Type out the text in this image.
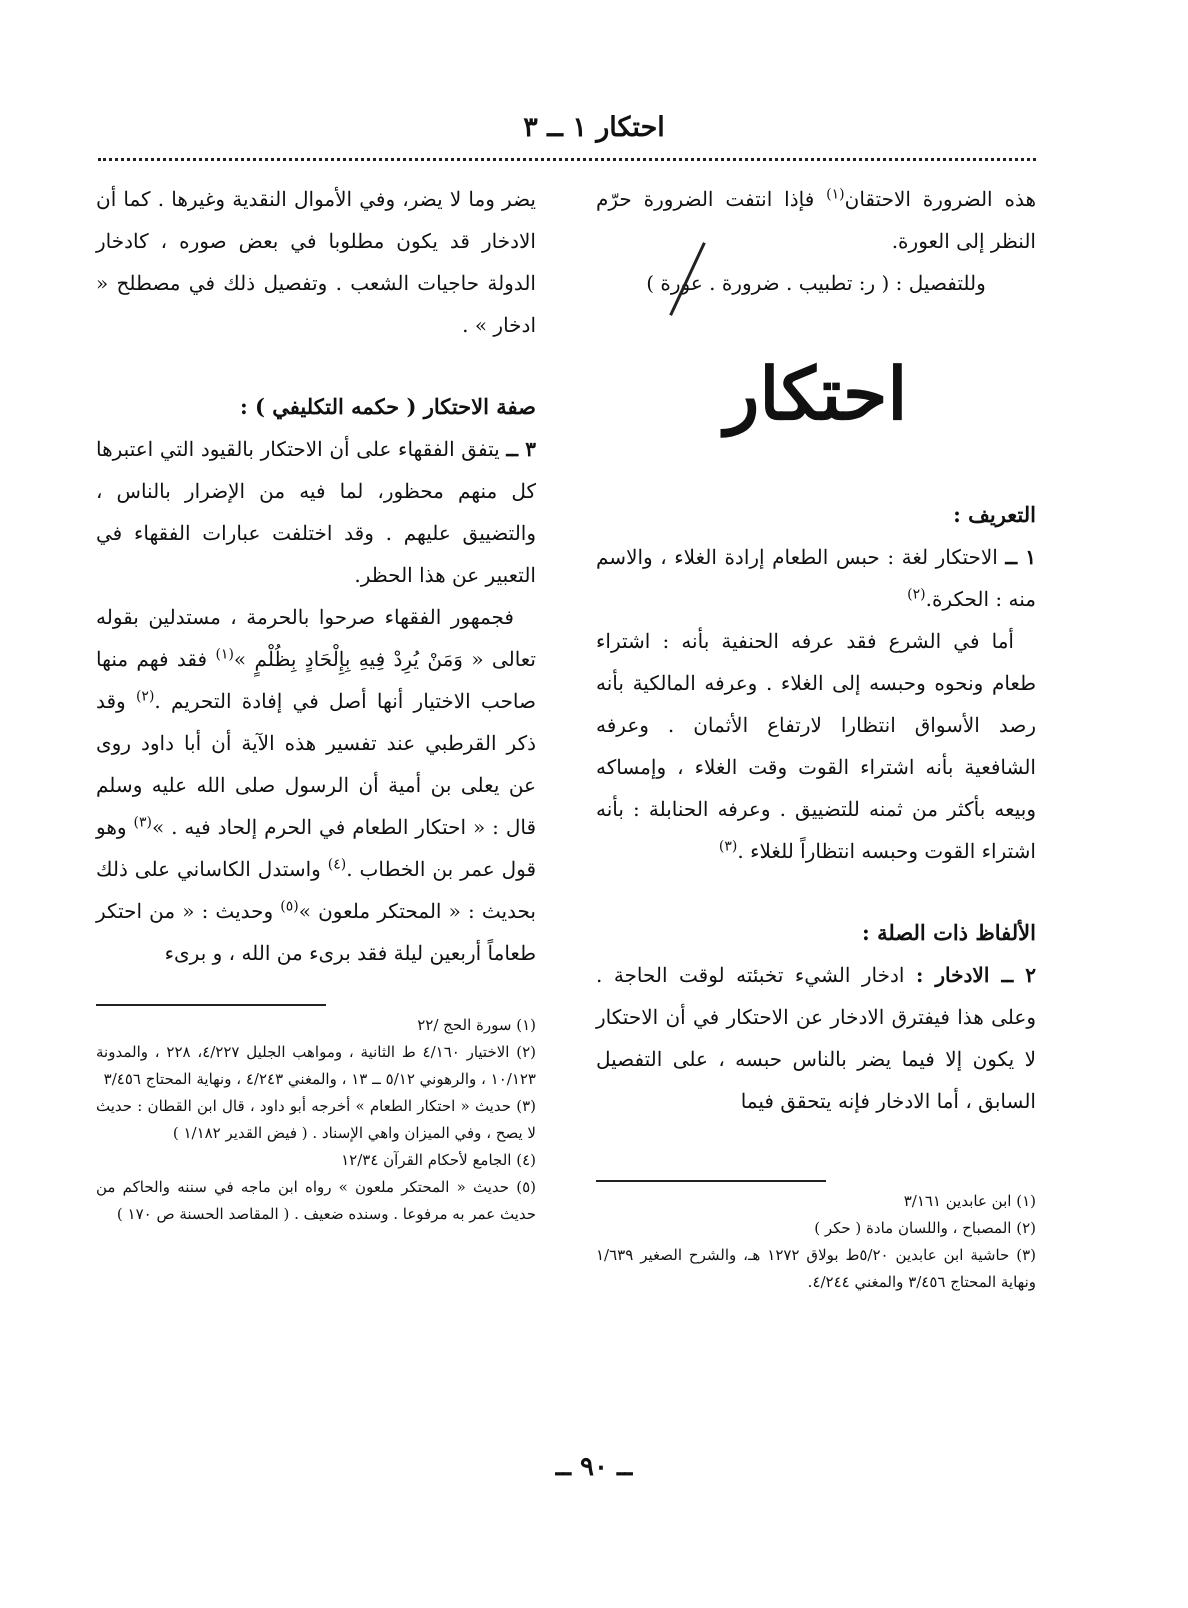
احتكار ١ ــ ٣

هذه الضرورة الاحتقان$^{(١)}$ فإذا انتفت الضرورة حرّم النظر إلى العورة.

وللتفصيل : ( ر: تطبيب . ضرورة . عورة )

احتكار

التعريف :

١ ــ الاحتكار لغة : حبس الطعام إرادة الغلاء ، والاسم منه : الحكرة.$^{(٢)}$

أما في الشرع فقد عرفه الحنفية بأنه : اشتراء طعام ونحوه وحبسه إلى الغلاء . وعرفه المالكية بأنه رصد الأسواق انتظارا لارتفاع الأثمان . وعرفه الشافعية بأنه اشتراء القوت وقت الغلاء ، وإمساكه وبيعه بأكثر من ثمنه للتضييق . وعرفه الحنابلة : بأنه اشتراء القوت وحبسه انتظاراً للغلاء .$^{(٣)}$

الألفاظ ذات الصلة :

٢ ــ الادخار : ادخار الشيء تخبئته لوقت الحاجة . وعلى هذا فيفترق الادخار عن الاحتكار في أن الاحتكار لا يكون إلا فيما يضر بالناس حبسه ، على التفصيل السابق ، أما الادخار فإنه يتحقق فيما

(١) ابن عابدين ٣/١٦١

(٢) المصباح ، واللسان مادة ( حكر )

(٣) حاشية ابن عابدين ٥/٢٠ط بولاق ١٢٧٢ هـ، والشرح الصغير ١/٦٣٩ ونهاية المحتاج ٣/٤٥٦ والمغني ٤/٢٤٤.

يضر وما لا يضر، وفي الأموال النقدية وغيرها . كما أن الادخار قد يكون مطلوبا في بعض صوره ، كادخار الدولة حاجيات الشعب . وتفصيل ذلك في مصطلح « ادخار » .

صفة الاحتكار ( حكمه التكليفي ) :

٣ ــ يتفق الفقهاء على أن الاحتكار بالقيود التي اعتبرها كل منهم محظور، لما فيه من الإضرار بالناس ، والتضييق عليهم . وقد اختلفت عبارات الفقهاء في التعبير عن هذا الحظر.

فجمهور الفقهاء صرحوا بالحرمة ، مستدلين بقوله تعالى « وَمَنْ يُرِدْ فِيهِ بِإِلْحَادٍ بِظُلْمٍ »$^{(١)}$ فقد فهم منها صاحب الاختيار أنها أصل في إفادة التحريم .$^{(٢)}$ وقد ذكر القرطبي عند تفسير هذه الآية أن أبا داود روى عن يعلى بن أمية أن الرسول صلى الله عليه وسلم قال : « احتكار الطعام في الحرم إلحاد فيه . »$^{(٣)}$ وهو قول عمر بن الخطاب .$^{(٤)}$ واستدل الكاساني على ذلك بحديث : « المحتكر ملعون »$^{(٥)}$ وحديث : « من احتكر طعاماً أربعين ليلة فقد برىء من الله ، و برىء

(١) سورة الحج /٢٢

(٢) الاختيار ٤/١٦٠ ط الثانية ، ومواهب الجليل ٤/٢٢٧، ٢٢٨ ، والمدونة ١٠/١٢٣ ، والرهوني ٥/١٢ ــ ١٣ ، والمغني ٤/٢٤٣ ، ونهاية المحتاج ٣/٤٥٦

(٣) حديث « احتكار الطعام » أخرجه أبو داود ، قال ابن القطان : حديث لا يصح ، وفي الميزان واهي الإسناد . ( فيض القدير ١/١٨٢ )

(٤) الجامع لأحكام القرآن ١٢/٣٤

(٥) حديث « المحتكر ملعون » رواه ابن ماجه في سننه والحاكم من حديث عمر به مرفوعا . وسنده ضعيف . ( المقاصد الحسنة ص ١٧٠ )

ــ ٩٠ ــ
